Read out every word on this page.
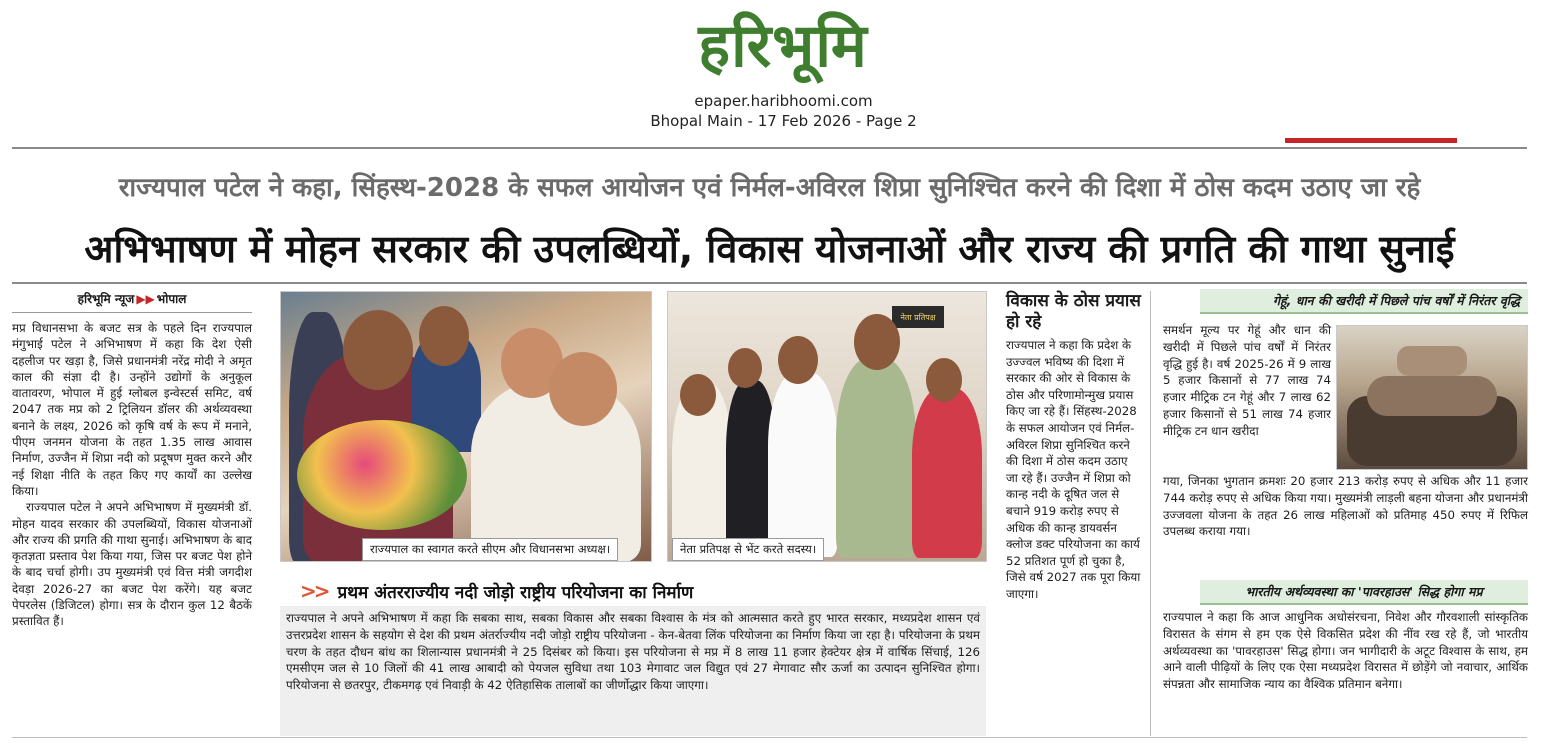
हरिभूमि
epaper.haribhoomi.com
Bhopal Main - 17 Feb 2026 - Page 2
राज्यपाल पटेल ने कहा, सिंहस्थ-2028 के सफल आयोजन एवं निर्मल-अविरल शिप्रा सुनिश्चित करने की दिशा में ठोस कदम उठाए जा रहे
अभिभाषण में मोहन सरकार की उपलब्धियों, विकास योजनाओं और राज्य की प्रगति की गाथा सुनाई
हरिभूमि न्यूज ▶▶ भोपाल

मप्र विधानसभा के बजट सत्र के पहले दिन राज्यपाल मंगुभाई पटेल ने अभिभाषण में कहा कि देश ऐसी दहलीज पर खड़ा है, जिसे प्रधानमंत्री नरेंद्र मोदी ने अमृत काल की संज्ञा दी है। उन्होंने उद्योगों के अनुकूल वातावरण, भोपाल में हुई ग्लोबल इन्वेस्टर्स समिट, वर्ष 2047 तक मप्र को 2 ट्रिलियन डॉलर की अर्थव्यवस्था बनाने के लक्ष्य, 2026 को कृषि वर्ष के रूप में मनाने, पीएम जनमन योजना के तहत 1.35 लाख आवास निर्माण, उज्जैन में शिप्रा नदी को प्रदूषण मुक्त करने और नई शिक्षा नीति के तहत किए गए कार्यों का उल्लेख किया।

राज्यपाल पटेल ने अपने अभिभाषण में मुख्यमंत्री डॉ. मोहन यादव सरकार की उपलब्धियों, विकास योजनाओं और राज्य की प्रगति की गाथा सुनाई। अभिभाषण के बाद कृतज्ञता प्रस्ताव पेश किया गया, जिस पर बजट पेश होने के बाद चर्चा होगी। उप मुख्यमंत्री एवं वित्त मंत्री जगदीश देवड़ा 2026-27 का बजट पेश करेंगे। यह बजट पेपरलेस (डिजिटल) होगा। सत्र के दौरान कुल 12 बैठकें प्रस्तावित हैं।

राज्यपाल का स्वागत करते सीएम और विधानसभा अध्यक्ष।
नेता प्रतिपक्ष
नेता प्रतिपक्ष से भेंट करते सदस्य।
>> प्रथम अंतरराज्यीय नदी जोड़ो राष्ट्रीय परियोजना का निर्माण
राज्यपाल ने अपने अभिभाषण में कहा कि सबका साथ, सबका विकास और सबका विश्वास के मंत्र को आत्मसात करते हुए भारत सरकार, मध्यप्रदेश शासन एवं उत्तरप्रदेश शासन के सहयोग से देश की प्रथम अंतर्राज्यीय नदी जोड़ो राष्ट्रीय परियोजना - केन-बेतवा लिंक परियोजना का निर्माण किया जा रहा है। परियोजना के प्रथम चरण के तहत दौधन बांध का शिलान्यास प्रधानमंत्री ने 25 दिसंबर को किया। इस परियोजना से मप्र में 8 लाख 11 हजार हेक्टेयर क्षेत्र में वार्षिक सिंचाई, 126 एमसीएम जल से 10 जिलों की 41 लाख आबादी को पेयजल सुविधा तथा 103 मेगावाट जल विद्युत एवं 27 मेगावाट सौर ऊर्जा का उत्पादन सुनिश्चित होगा। परियोजना से छतरपुर, टीकमगढ़ एवं निवाड़ी के 42 ऐतिहासिक तालाबों का जीर्णोद्धार किया जाएगा।
विकास के ठोस प्रयास हो रहे
राज्यपाल ने कहा कि प्रदेश के उज्ज्वल भविष्य की दिशा में सरकार की ओर से विकास के ठोस और परिणामोन्मुख प्रयास किए जा रहे हैं। सिंहस्थ-2028 के सफल आयोजन एवं निर्मल-अविरल शिप्रा सुनिश्चित करने की दिशा में ठोस कदम उठाए जा रहे हैं। उज्जैन में शिप्रा को कान्ह नदी के दूषित जल से बचाने 919 करोड़ रुपए से अधिक की कान्ह डायवर्सन क्लोज डक्ट परियोजना का कार्य 52 प्रतिशत पूर्ण हो चुका है, जिसे वर्ष 2027 तक पूरा किया जाएगा।
गेहूं, धान की खरीदी में पिछले पांच वर्षों में निरंतर वृद्धि
समर्थन मूल्य पर गेहूं और धान की खरीदी में पिछले पांच वर्षों में निरंतर वृद्धि हुई है। वर्ष 2025-26 में 9 लाख 5 हजार किसानों से 77 लाख 74 हजार मीट्रिक टन गेहूं और 7 लाख 62 हजार किसानों से 51 लाख 74 हजार मीट्रिक टन धान खरीदा
गया, जिनका भुगतान क्रमशः 20 हजार 213 करोड़ रुपए से अधिक और 11 हजार 744 करोड़ रुपए से अधिक किया गया। मुख्यमंत्री लाड़ली बहना योजना और प्रधानमंत्री उज्जवला योजना के तहत 26 लाख महिलाओं को प्रतिमाह 450 रुपए में रिफिल उपलब्ध कराया गया।
भारतीय अर्थव्यवस्था का 'पावरहाउस' सिद्ध होगा मप्र
राज्यपाल ने कहा कि आज आधुनिक अधोसंरचना, निवेश और गौरवशाली सांस्कृतिक विरासत के संगम से हम एक ऐसे विकसित प्रदेश की नींव रख रहे हैं, जो भारतीय अर्थव्यवस्था का 'पावरहाउस' सिद्ध होगा। जन भागीदारी के अटूट विश्वास के साथ, हम आने वाली पीढ़ियों के लिए एक ऐसा मध्यप्रदेश विरासत में छोड़ेंगे जो नवाचार, आर्थिक संपन्नता और सामाजिक न्याय का वैश्विक प्रतिमान बनेगा।
